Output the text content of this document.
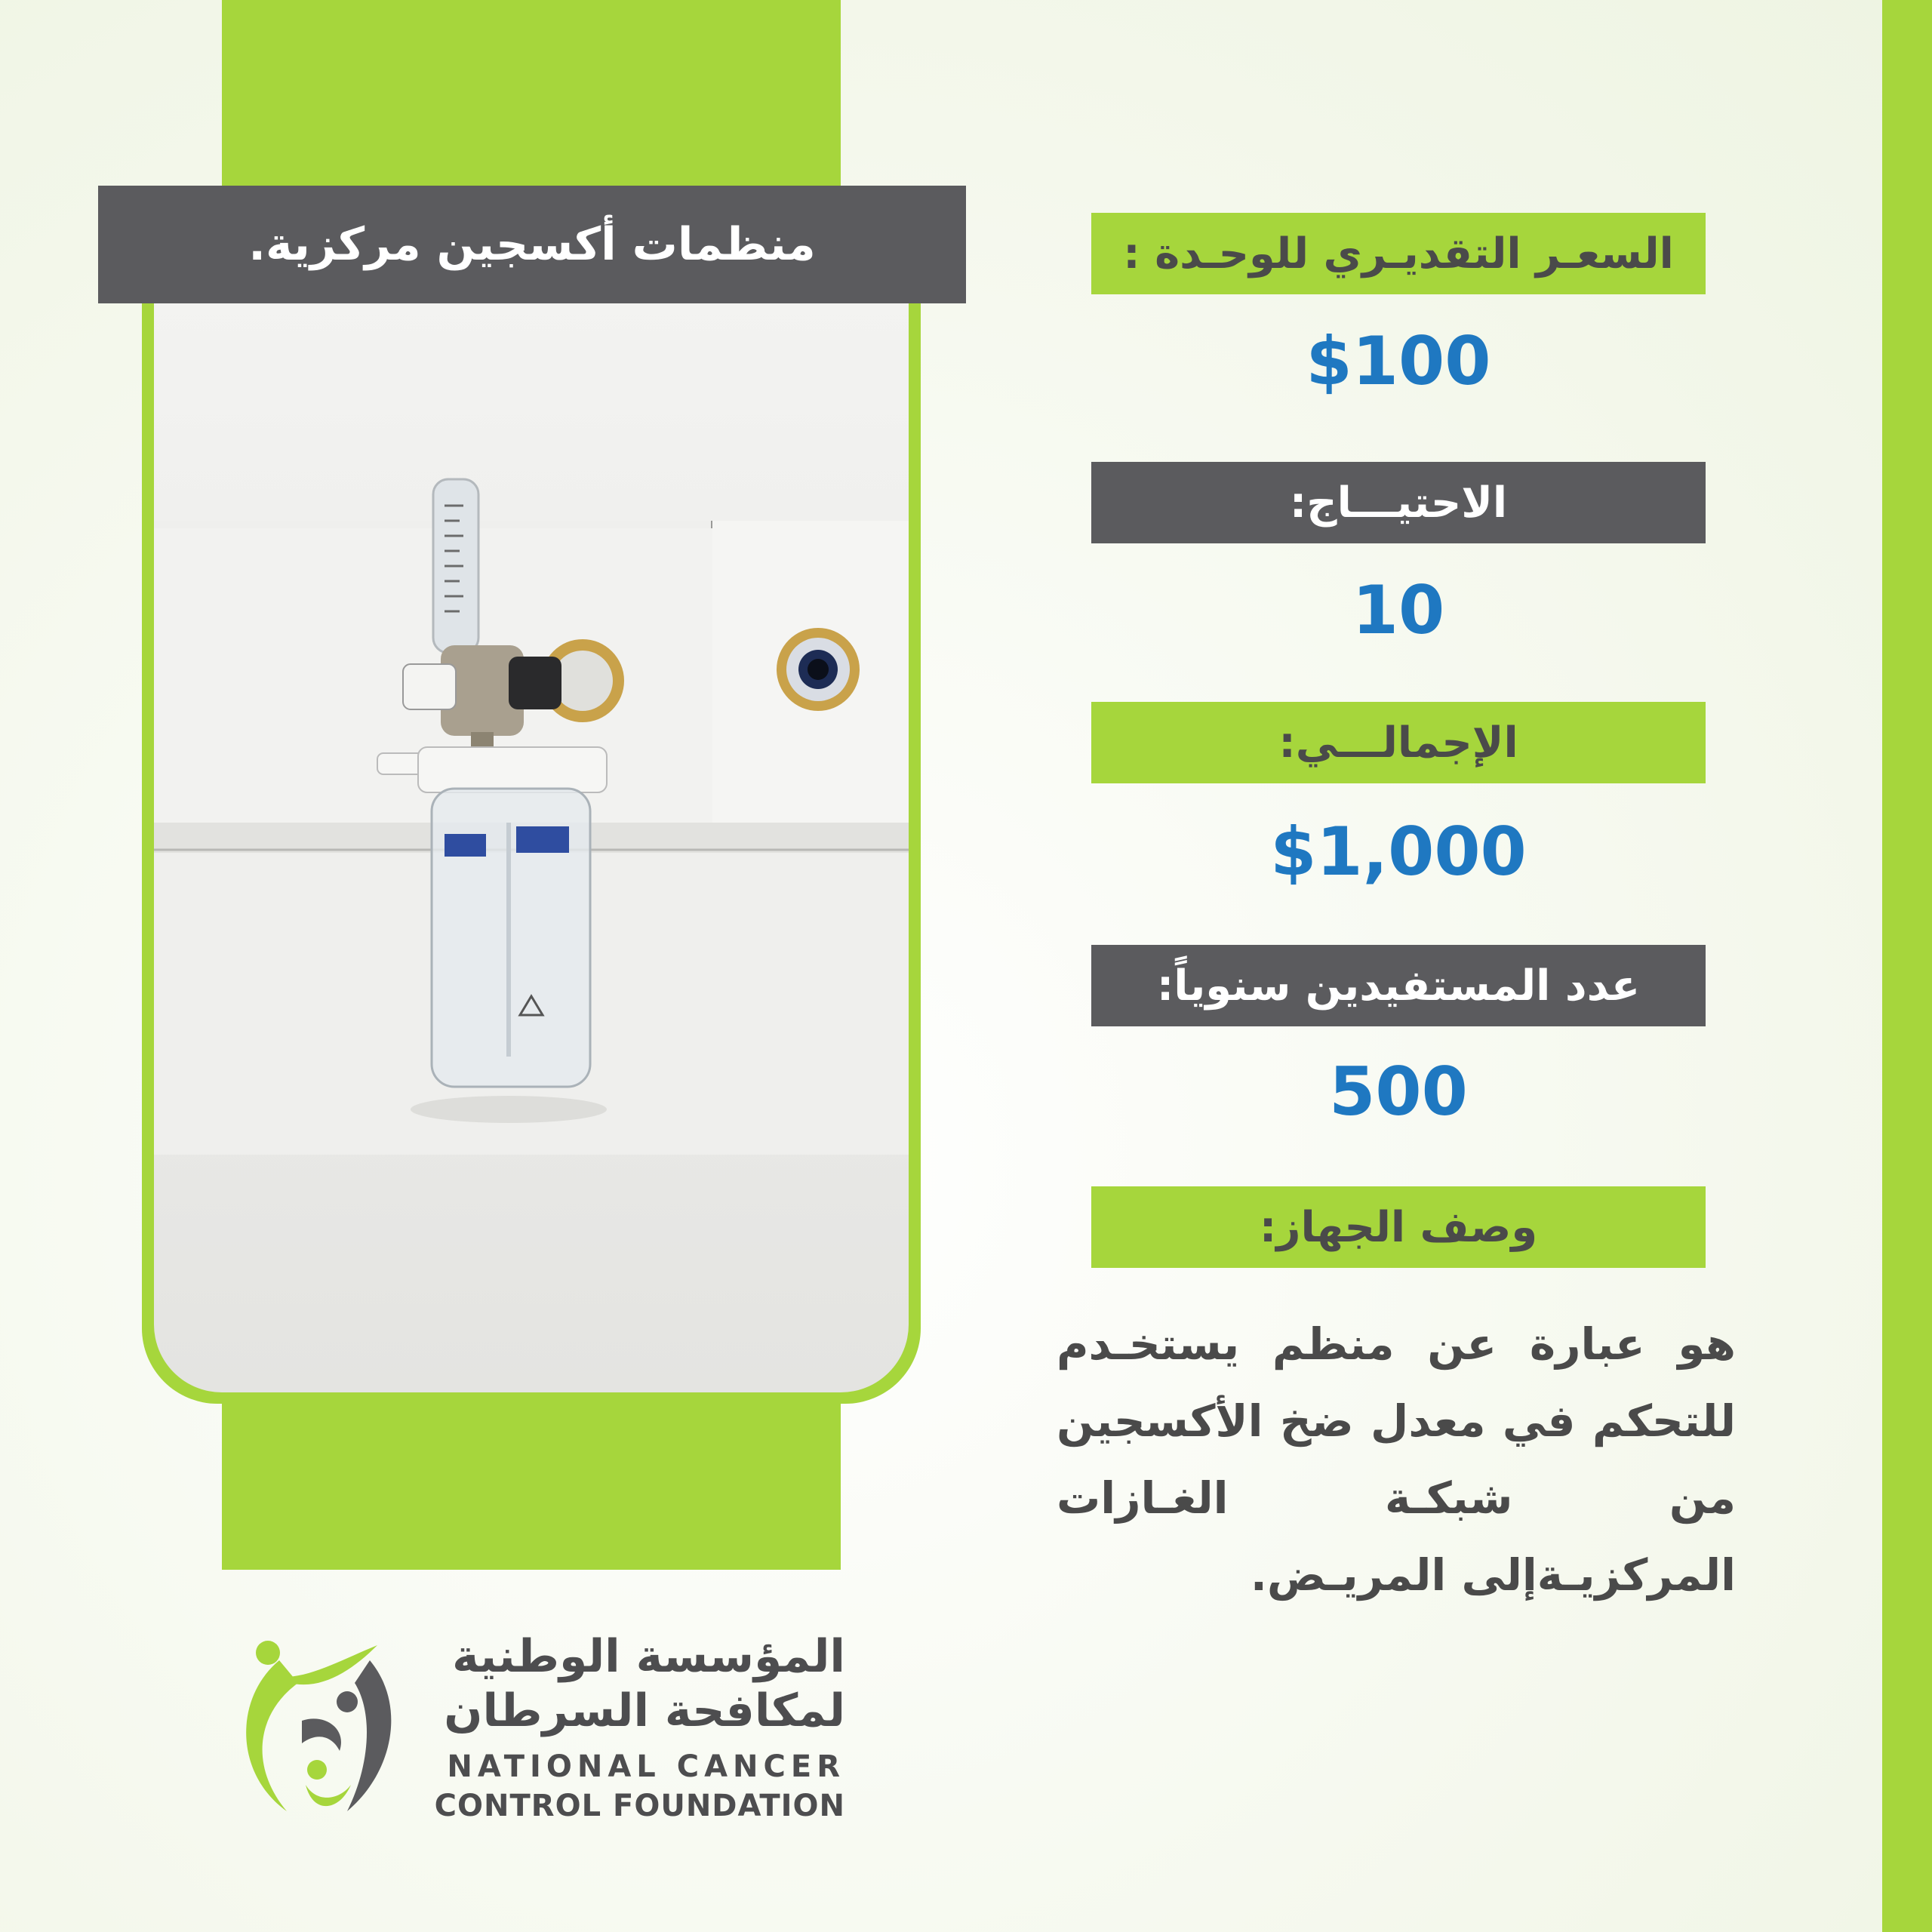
منظمات أكسجين مركزية.	السعـر التقديـري للوحـدة :
$100
الاحتيـــاج:
10
الإجمالـــي:
$1,000
عدد المستفيدين سنوياً:
500
وصف الجهاز:
هو عبارة عن منظم يستخـدم للتحكم في معدل ضخ الأكسجين من شبكـة الغـازات المركزيـةإلى المريـض.
المؤسسة الوطنية
لمكافحة السرطان
NATIONAL CANCER
CONTROL FOUNDATION
